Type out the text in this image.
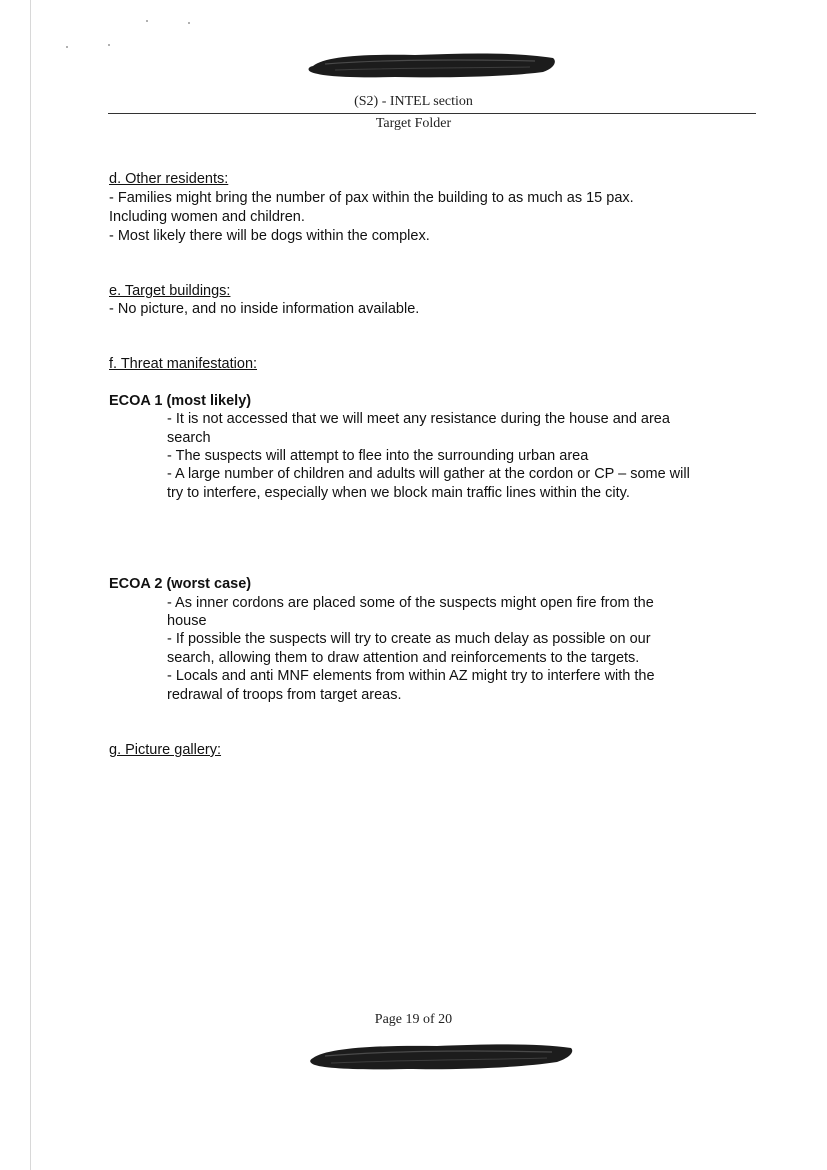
(S2) - INTEL section
Target Folder
d. Other residents:
- Families might bring the number of pax within the building to as much as 15 pax.
Including women and children.
- Most likely there will be dogs within the complex.
e. Target buildings:
- No picture, and no inside information available.
f. Threat manifestation:
ECOA 1 (most likely)
- It is not accessed that we will meet any resistance during the house and area
search
- The suspects will attempt to flee into the surrounding urban area
- A large number of children and adults will gather at the cordon or CP – some will
try to interfere, especially when we block main traffic lines within the city.
ECOA 2 (worst case)
- As inner cordons are placed some of the suspects might open fire from the
house
- If possible the suspects will try to create as much delay as possible on our
search, allowing them to draw attention and reinforcements to the targets.
- Locals and anti MNF elements from within AZ might try to interfere with the
redrawal of troops from target areas.
g. Picture gallery:
Page 19 of 20
